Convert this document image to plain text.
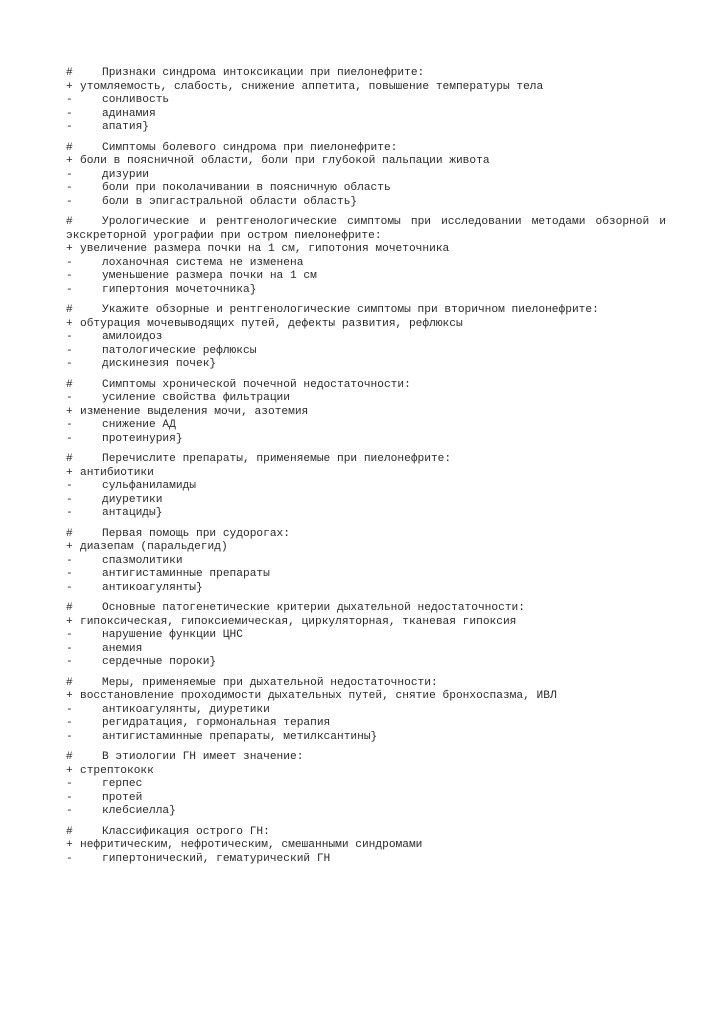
#	Признаки синдрома интоксикации при пиелонефрите:
+ утомляемость, слабость, снижение аппетита, повышение температуры тела
-	сонливость
-	адинамия
-	апатия}
#	Симптомы болевого синдрома при пиелонефрите:
+ боли в поясничной области, боли при глубокой пальпации живота
-	дизурии
-	боли при поколачивании в поясничную область
-	боли в эпигастральной области область}
#	Урологические и рентгенологические симптомы при исследовании методами обзорной и экскреторной урографии при остром пиелонефрите:
+ увеличение размера почки на 1 см, гипотония мочеточника
-	лоханочная система не изменена
-	уменьшение размера почки на 1 см
-	гипертония мочеточника}
#	Укажите обзорные и рентгенологические симптомы при вторичном пиелонефрите:
+ обтурация мочевыводящих путей, дефекты развития, рефлюксы
-	амилоидоз
-	патологические рефлюксы
-	дискинезия почек}
#	Симптомы хронической почечной недостаточности:
-	усиление свойства фильтрации
+ изменение выделения мочи, азотемия
-	снижение АД
-	протеинурия}
#	Перечислите препараты, применяемые при пиелонефрите:
+ антибиотики
-	сульфаниламиды
-	диуретики
-	антациды}
#	Первая помощь при судорогах:
+ диазепам (паральдегид)
-	спазмолитики
-	антигистаминные препараты
-	антикоагулянты}
#	Основные патогенетические критерии дыхательной недостаточности:
+ гипоксическая, гипоксиемическая, циркуляторная, тканевая гипоксия
-	нарушение функции ЦНС
-	анемия
-	сердечные пороки}
#	Меры, применяемые при дыхательной недостаточности:
+ восстановление проходимости дыхательных путей, снятие бронхоспазма, ИВЛ
-	антикоагулянты, диуретики
-	регидратация, гормональная терапия
-	антигистаминные препараты, метилксантины}
#	В этиологии ГН имеет значение:
+ стрептококк
-	герпес
-	протей
-	клебсиелла}
#	Классификация острого ГН:
+ нефритическим, нефротическим, смешанными синдромами
-	гипертонический, гематурический ГН
